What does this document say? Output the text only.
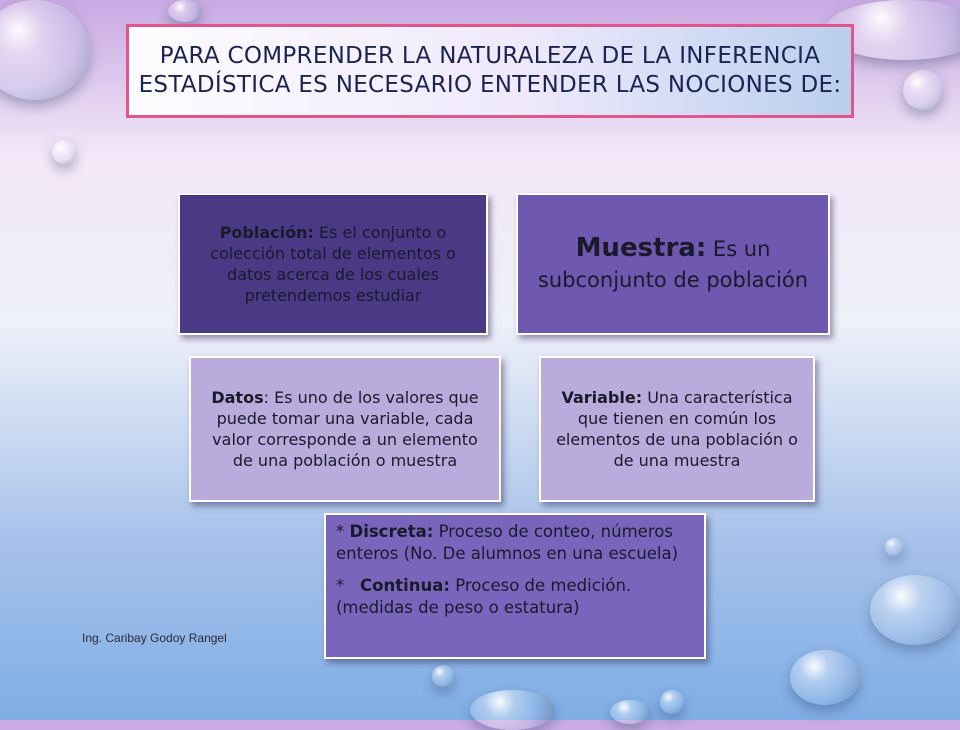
PARA COMPRENDER LA NATURALEZA DE LA INFERENCIA
ESTADÍSTICA ES NECESARIO ENTENDER LAS NOCIONES DE:

Población: Es el conjunto o colección total de elementos o datos acerca de los cuales pretendemos estudiar

Muestra: Es un subconjunto de población

Datos: Es uno de los valores que puede tomar una variable, cada valor corresponde a un elemento de una población o muestra

Variable: Una característica que tienen en común los elementos de una población o de una muestra

* Discreta: Proceso de conteo, números enteros (No. De alumnos en una escuela)

*   Continua: Proceso de medición. (medidas de peso o estatura)

Ing. Caribay Godoy Rangel
